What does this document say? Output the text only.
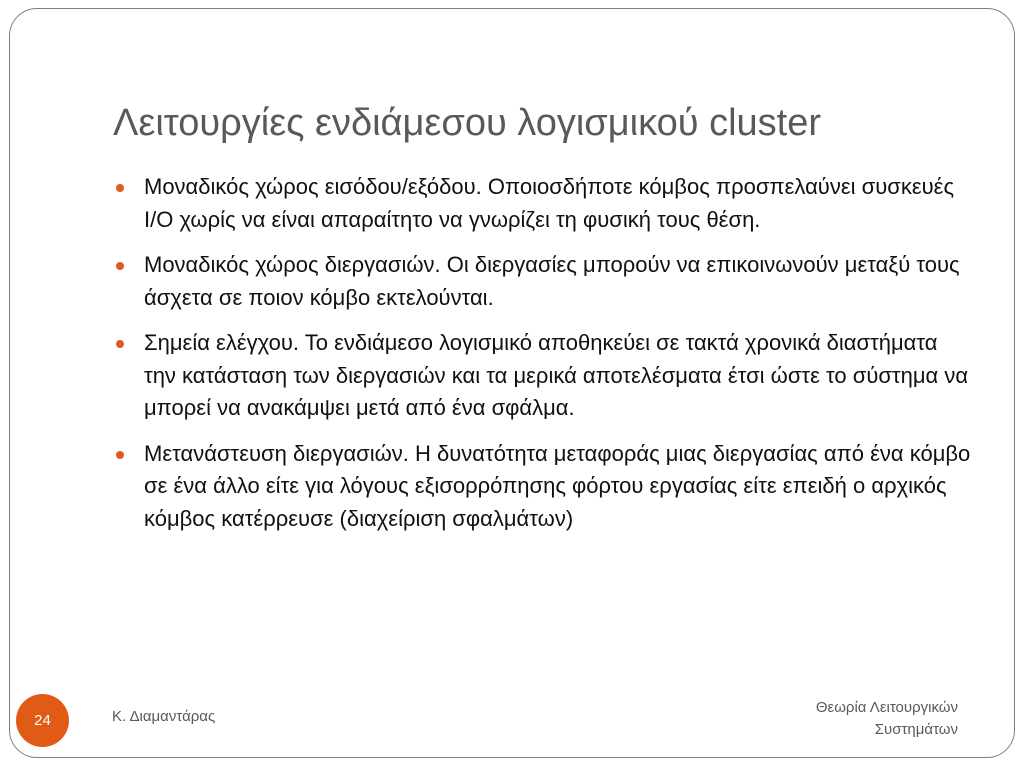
Λειτουργίες ενδιάμεσου λογισμικού cluster
Μοναδικός χώρος εισόδου/εξόδου. Οποιοσδήποτε κόμβος προσπελαύνει συσκευές I/O χωρίς να είναι απαραίτητο να γνωρίζει τη φυσική τους θέση.
Μοναδικός χώρος διεργασιών. Οι διεργασίες μπορούν να επικοινωνούν μεταξύ τους άσχετα σε ποιον κόμβο εκτελούνται.
Σημεία ελέγχου. Το ενδιάμεσο λογισμικό αποθηκεύει σε τακτά χρονικά διαστήματα την κατάσταση των διεργασιών και τα μερικά αποτελέσματα έτσι ώστε το σύστημα να μπορεί να ανακάμψει μετά από ένα σφάλμα.
Μετανάστευση διεργασιών. Η δυνατότητα μεταφοράς μιας διεργασίας από ένα κόμβο σε ένα άλλο είτε για λόγους εξισορρόπησης φόρτου εργασίας είτε επειδή ο αρχικός κόμβος κατέρρευσε (διαχείριση σφαλμάτων)
24	Κ. Διαμαντάρας
Θεωρία Λειτουργικών
Συστημάτων
